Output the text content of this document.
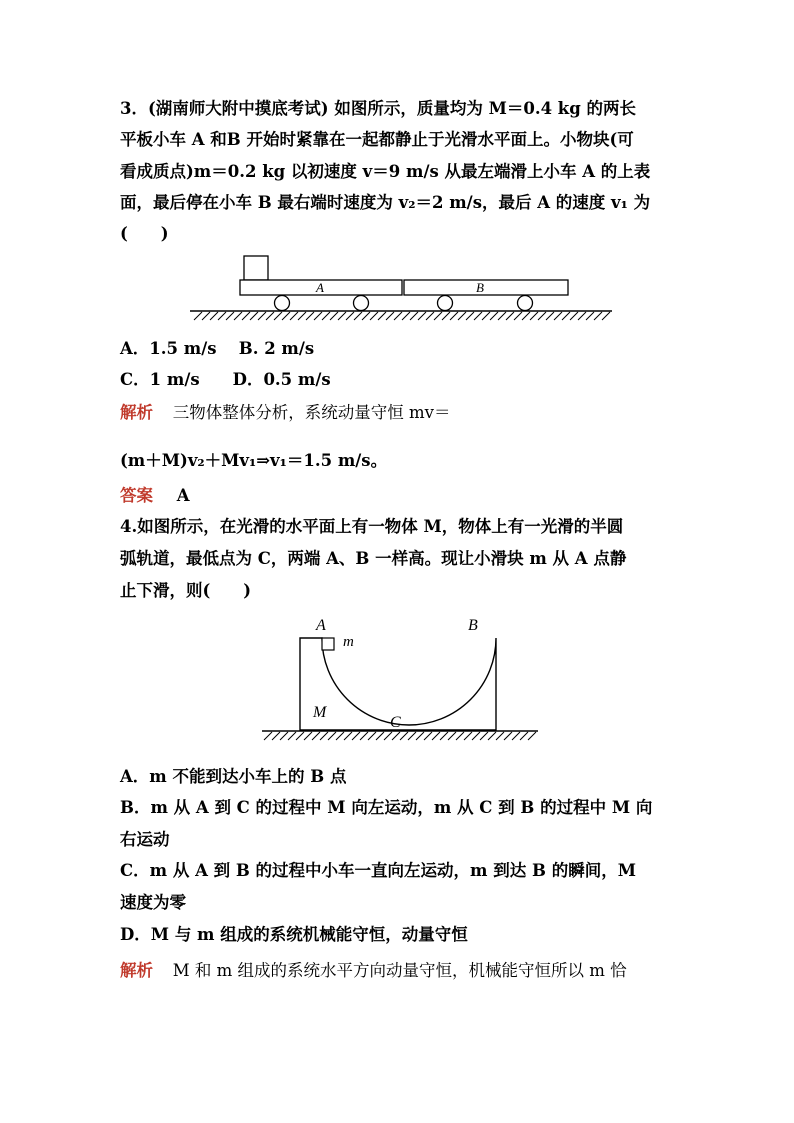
3．(湖南师大附中摸底考试) 如图所示，质量均为 M＝0.4 kg 的两长
平板小车 A 和B 开始时紧靠在一起都静止于光滑水平面上。小物块(可
看成质点)m＝0.2 kg 以初速度 v＝9 m/s 从最左端滑上小车 A 的上表
面，最后停在小车 B 最右端时速度为 v₂＝2 m/s，最后 A 的速度 v₁ 为
(　　)
A	B
A．1.5 m/s　 B. 2 m/s
C．1 m/s　　D．0.5 m/s
解析 三物体整体分析，系统动量守恒 mv＝
(m＋M)v₂＋Mv₁⇒v₁＝1.5 m/s。
答案 A
4.如图所示，在光滑的水平面上有一物体 M，物体上有一光滑的半圆
弧轨道，最低点为 C，两端 A、B 一样高。现让小滑块 m 从 A 点静
止下滑，则(　　)
A
m
B
M
C
A．m 不能到达小车上的 B 点
B．m 从 A 到 C 的过程中 M 向左运动，m 从 C 到 B 的过程中 M 向
右运动
C．m 从 A 到 B 的过程中小车一直向左运动，m 到达 B 的瞬间，M
速度为零
D．M 与 m 组成的系统机械能守恒，动量守恒
解析 M 和 m 组成的系统水平方向动量守恒，机械能守恒所以 m 恰
